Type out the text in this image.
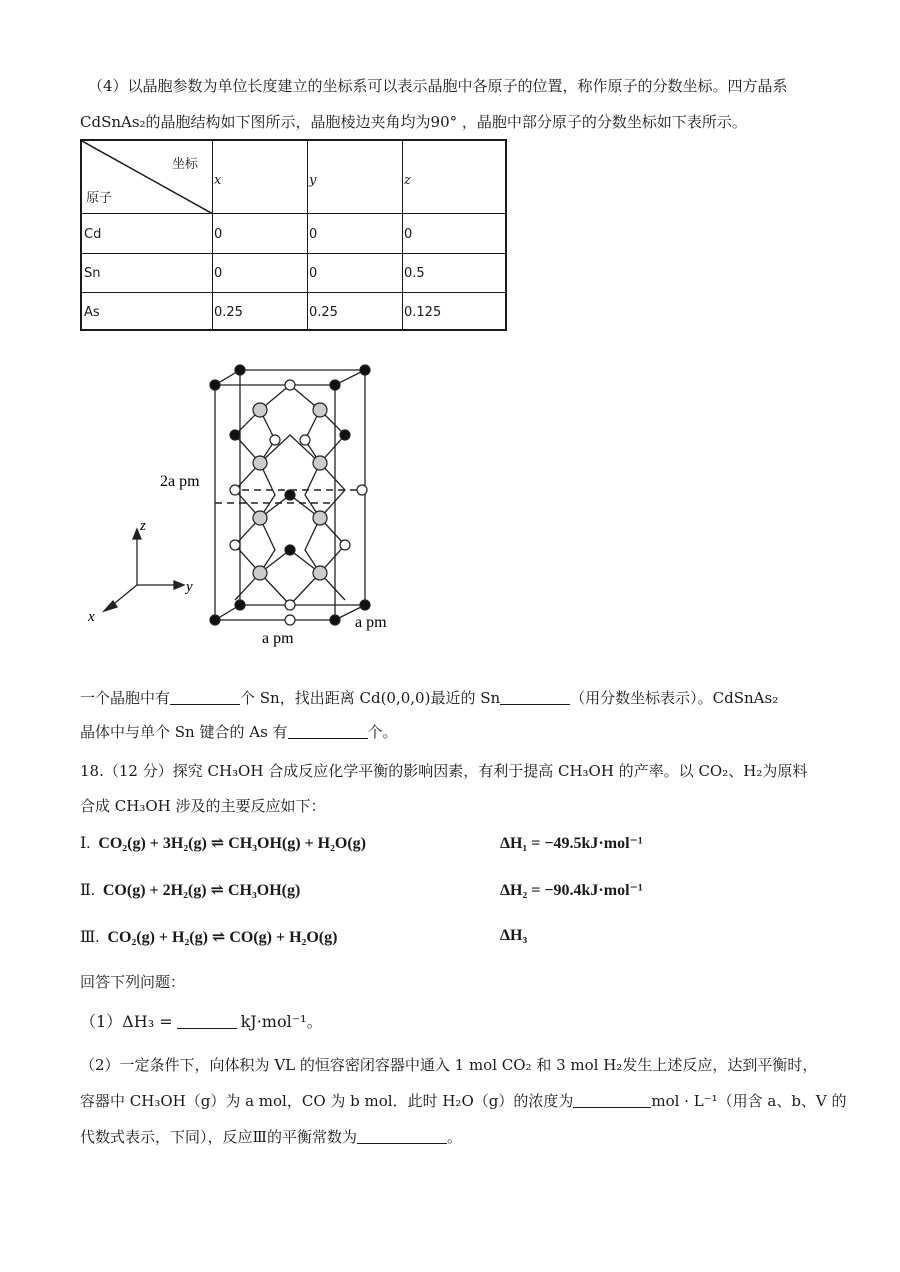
（4）以晶胞参数为单位长度建立的坐标系可以表示晶胞中各原子的位置，称作原子的分数坐标。四方晶系
CdSnAs₂的晶胞结构如下图所示，晶胞棱边夹角均为90° ，晶胞中部分原子的分数坐标如下表所示。
坐标
原子
x	y	z
Cd	0	0	0
Sn	0	0	0.5
As	0.25	0.25	0.125
z
y
x
2a pm
a pm
a pm
一个晶胞中有	个 Sn，找出距离 Cd(0,0,0)最近的 Sn	（用分数坐标表示）。CdSnAs₂
晶体中与单个 Sn 键合的 As 有	个。
18.（12 分）探究 CH₃OH 合成反应化学平衡的影响因素，有利于提高 CH₃OH 的产率。以 CO₂、H₂为原料
合成 CH₃OH 涉及的主要反应如下：
Ⅰ. CO₂(g) + 3H₂(g) ⇌ CH₃OH(g) + H₂O(g)	ΔH₁ = −49.5kJ·mol⁻¹
Ⅱ. CO(g) + 2H₂(g) ⇌ CH₃OH(g)	ΔH₂ = −90.4kJ·mol⁻¹
Ⅲ. CO₂(g) + H₂(g) ⇌ CO(g) + H₂O(g)	ΔH₃
回答下列问题：
（1）ΔH₃ =	kJ·mol⁻¹。
（2）一定条件下，向体积为 VL 的恒容密闭容器中通入 1 mol CO₂ 和 3 mol H₂发生上述反应，达到平衡时，
容器中 CH₃OH（g）为 a mol，CO 为 b mol．此时 H₂O（g）的浓度为	mol · L⁻¹（用含 a、b、V 的
代数式表示，下同），反应Ⅲ的平衡常数为	。
